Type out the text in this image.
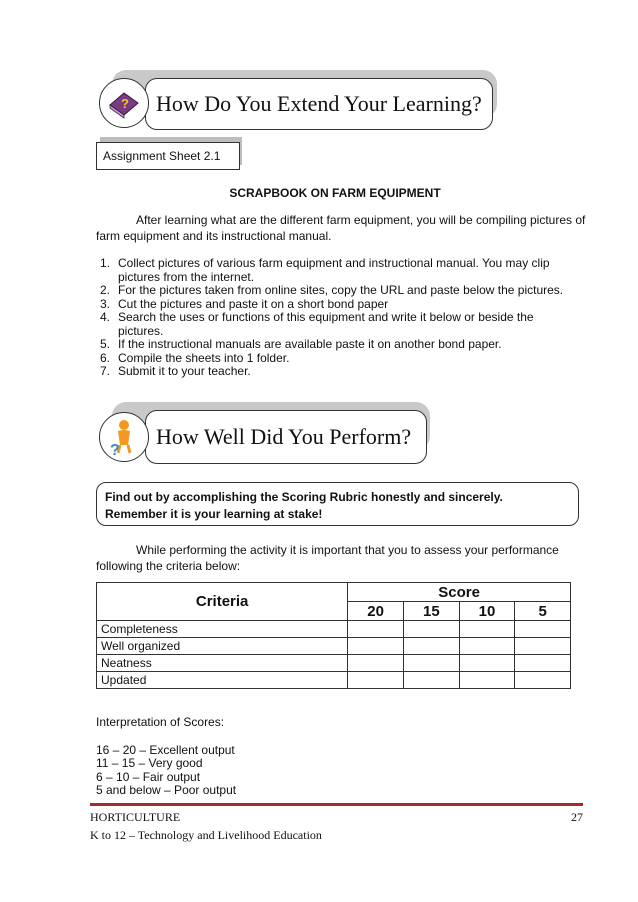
How Do You Extend Your Learning?
?
Assignment Sheet 2.1
SCRAPBOOK ON FARM EQUIPMENT
After learning what are the different farm equipment, you will be compiling pictures of farm equipment and its instructional manual.
1. Collect pictures of various farm equipment and instructional manual. You may clip pictures from the internet.
2. For the pictures taken from online sites, copy the URL and paste below the pictures.
3. Cut the pictures and paste it on a short bond paper
4. Search the uses or functions of this equipment and write it below or beside the pictures.
5. If the instructional manuals are available paste it on another bond paper.
6. Compile the sheets into 1 folder.
7. Submit it to your teacher.
How Well Did You Perform?
?
Find out by accomplishing the Scoring Rubric honestly and sincerely.
Remember it is your learning at stake!
While performing the activity it is important that you to assess your performance following the criteria below:
Criteria	Score			
	20	15	10	5
Completeness				
Well organized				
Neatness				
Updated				
Interpretation of Scores:
16 – 20 – Excellent output
11 – 15 – Very good
6 – 10 – Fair output
5 and below – Poor output
HORTICULTURE	27
K to 12 – Technology and Livelihood Education
